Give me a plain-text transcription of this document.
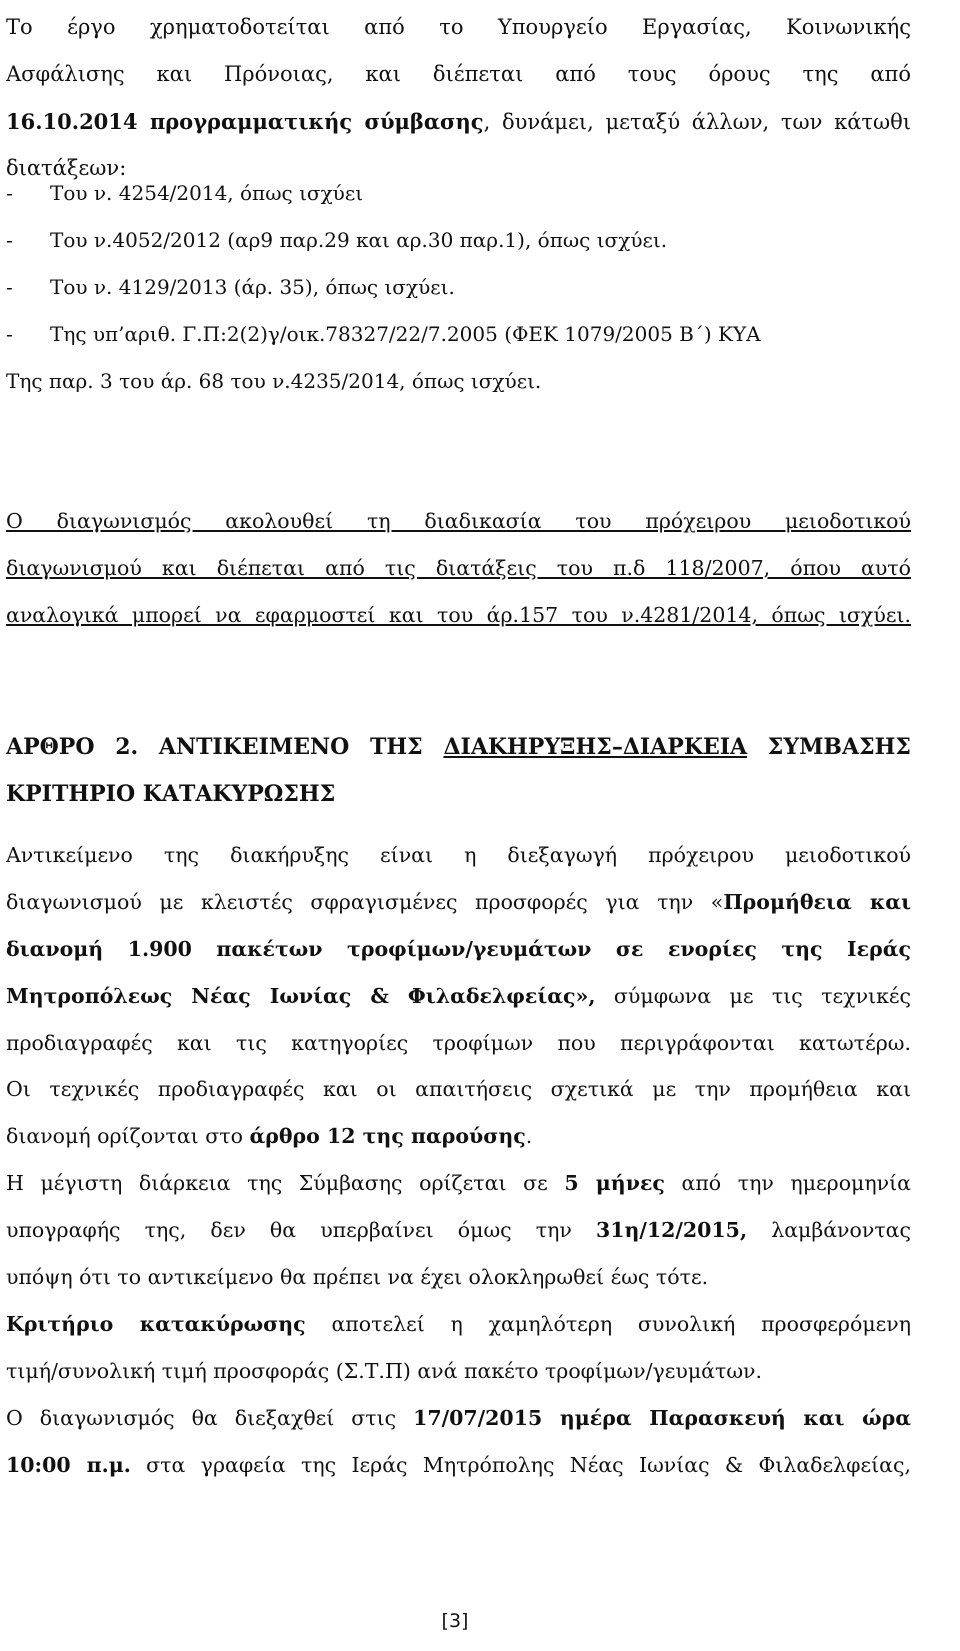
Το έργο χρηματοδοτείται από το Υπουργείο Εργασίας, Κοινωνικής
Ασφάλισης και Πρόνοιας, και διέπεται από τους όρους της από
16.10.2014 προγραμματικής σύμβασης, δυνάμει, μεταξύ άλλων, των κάτωθι
διατάξεων:
-	Του ν. 4254/2014, όπως ισχύει
-	Του ν.4052/2012 (αρ9 παρ.29 και αρ.30 παρ.1), όπως ισχύει.
-	Του ν. 4129/2013 (άρ. 35), όπως ισχύει.
-	Της υπ’αριθ. Γ.Π:2(2)γ/οικ.78327/22/7.2005 (ΦΕΚ 1079/2005 Β΄) ΚΥΑ
Της παρ. 3 του άρ. 68 του ν.4235/2014, όπως ισχύει.
Ο διαγωνισμός ακολουθεί τη διαδικασία του πρόχειρου μειοδοτικού
διαγωνισμού και διέπεται από τις διατάξεις του π.δ 118/2007, όπου αυτό
αναλογικά μπορεί να εφαρμοστεί και του άρ.157 του ν.4281/2014, όπως ισχύει.
ΑΡΘΡΟ 2. ΑΝΤΙΚΕΙΜΕΝΟ ΤΗΣ ΔΙΑΚΗΡΥΞΗΣ–ΔΙΑΡΚΕΙΑ ΣΥΜΒΑΣΗΣ
ΚΡΙΤΗΡΙΟ ΚΑΤΑΚΥΡΩΣΗΣ
Αντικείμενο της διακήρυξης είναι η διεξαγωγή πρόχειρου μειοδοτικού
διαγωνισμού με κλειστές σφραγισμένες προσφορές για την «Προμήθεια και
διανομή 1.900 πακέτων τροφίμων/γευμάτων σε ενορίες της Ιεράς
Μητροπόλεως Νέας Ιωνίας & Φιλαδελφείας», σύμφωνα με τις τεχνικές
προδιαγραφές και τις κατηγορίες τροφίμων που περιγράφονται κατωτέρω.
Οι τεχνικές προδιαγραφές και οι απαιτήσεις σχετικά με την προμήθεια και
διανομή ορίζονται στο άρθρο 12 της παρούσης.
Η μέγιστη διάρκεια της Σύμβασης ορίζεται σε 5 μήνες από την ημερομηνία
υπογραφής της, δεν θα υπερβαίνει όμως την 31η/12/2015, λαμβάνοντας
υπόψη ότι το αντικείμενο θα πρέπει να έχει ολοκληρωθεί έως τότε.
Κριτήριο κατακύρωσης αποτελεί η χαμηλότερη συνολική προσφερόμενη
τιμή/συνολική τιμή προσφοράς (Σ.Τ.Π) ανά πακέτο τροφίμων/γευμάτων.
Ο διαγωνισμός θα διεξαχθεί στις 17/07/2015 ημέρα Παρασκευή και ώρα
10:00 π.μ. στα γραφεία της Ιεράς Μητρόπολης Νέας Ιωνίας & Φιλαδελφείας,
[3]
